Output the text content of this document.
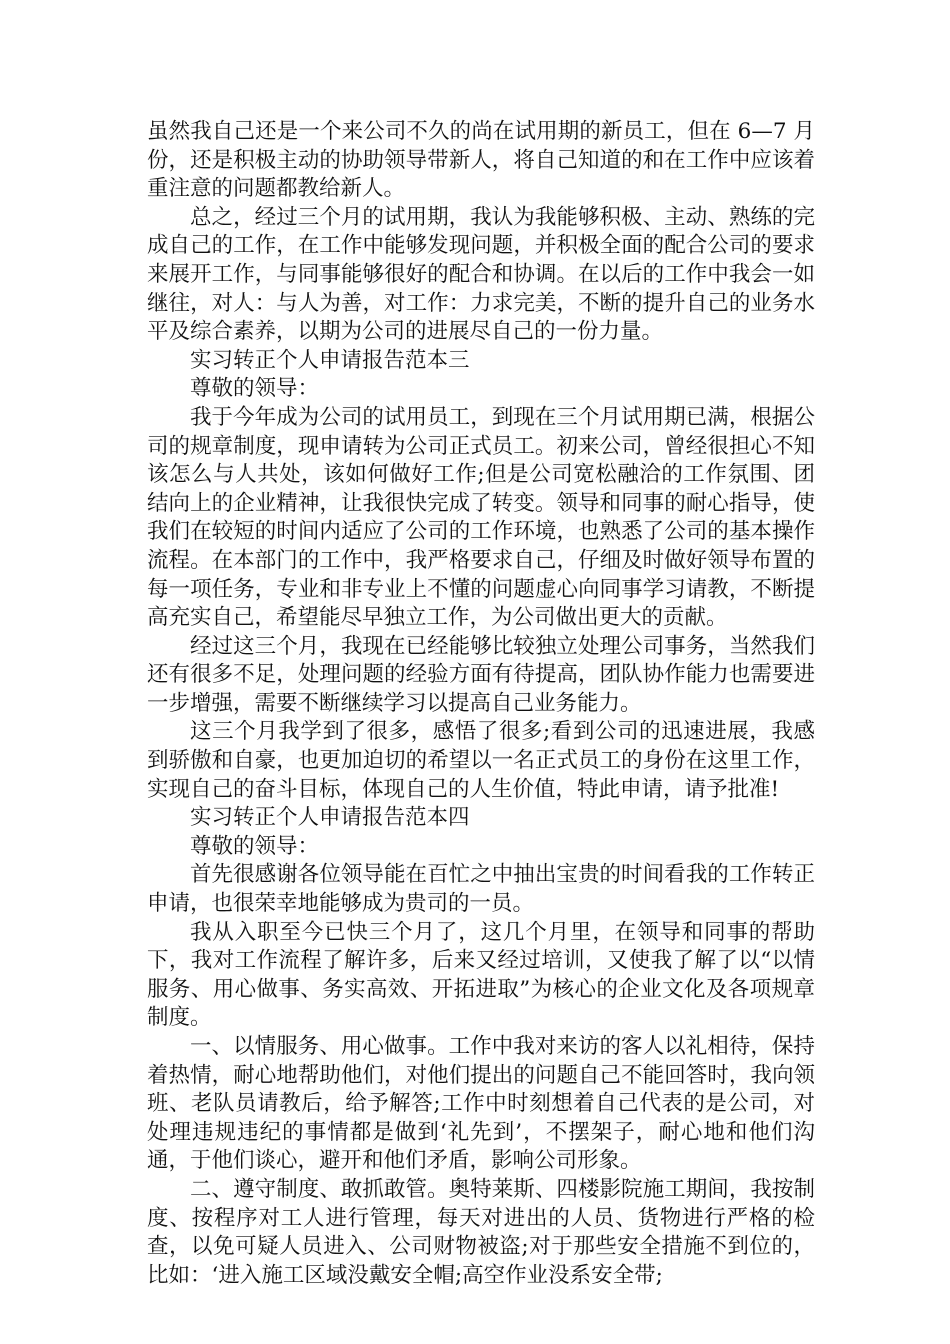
虽然我自己还是一个来公司不久的尚在试用期的新员工，但在 6—7 月份，还是积极主动的协助领导带新人，将自己知道的和在工作中应该着重注意的问题都教给新人。

总之，经过三个月的试用期，我认为我能够积极、主动、熟练的完成自己的工作，在工作中能够发现问题，并积极全面的配合公司的要求来展开工作，与同事能够很好的配合和协调。在以后的工作中我会一如继往，对人：与人为善，对工作：力求完美，不断的提升自己的业务水平及综合素养，以期为公司的进展尽自己的一份力量。

实习转正个人申请报告范本三

尊敬的领导：

我于今年成为公司的试用员工，到现在三个月试用期已满，根据公司的规章制度，现申请转为公司正式员工。初来公司，曾经很担心不知该怎么与人共处，该如何做好工作;但是公司宽松融洽的工作氛围、团结向上的企业精神，让我很快完成了转变。领导和同事的耐心指导，使我们在较短的时间内适应了公司的工作环境，也熟悉了公司的基本操作流程。在本部门的工作中，我严格要求自己，仔细及时做好领导布置的每一项任务，专业和非专业上不懂的问题虚心向同事学习请教，不断提高充实自己，希望能尽早独立工作，为公司做出更大的贡献。

经过这三个月，我现在已经能够比较独立处理公司事务，当然我们还有很多不足，处理问题的经验方面有待提高，团队协作能力也需要进一步增强，需要不断继续学习以提高自己业务能力。

这三个月我学到了很多，感悟了很多;看到公司的迅速进展，我感到骄傲和自豪，也更加迫切的希望以一名正式员工的身份在这里工作，实现自己的奋斗目标，体现自己的人生价值，特此申请，请予批准!

实习转正个人申请报告范本四

尊敬的领导：

首先很感谢各位领导能在百忙之中抽出宝贵的时间看我的工作转正申请，也很荣幸地能够成为贵司的一员。

我从入职至今已快三个月了，这几个月里，在领导和同事的帮助下，我对工作流程了解许多，后来又经过培训，又使我了解了以“以情服务、用心做事、务实高效、开拓进取”为核心的企业文化及各项规章制度。

一、以情服务、用心做事。工作中我对来访的客人以礼相待，保持着热情，耐心地帮助他们，对他们提出的问题自己不能回答时，我向领班、老队员请教后，给予解答;工作中时刻想着自己代表的是公司，对处理违规违纪的事情都是做到‘礼先到’，不摆架子，耐心地和他们沟通，于他们谈心，避开和他们矛盾，影响公司形象。

二、遵守制度、敢抓敢管。奥特莱斯、四楼影院施工期间，我按制度、按程序对工人进行管理，每天对进出的人员、货物进行严格的检查，以免可疑人员进入、公司财物被盗;对于那些安全措施不到位的，比如：‘进入施工区域没戴安全帽;高空作业没系安全带;
